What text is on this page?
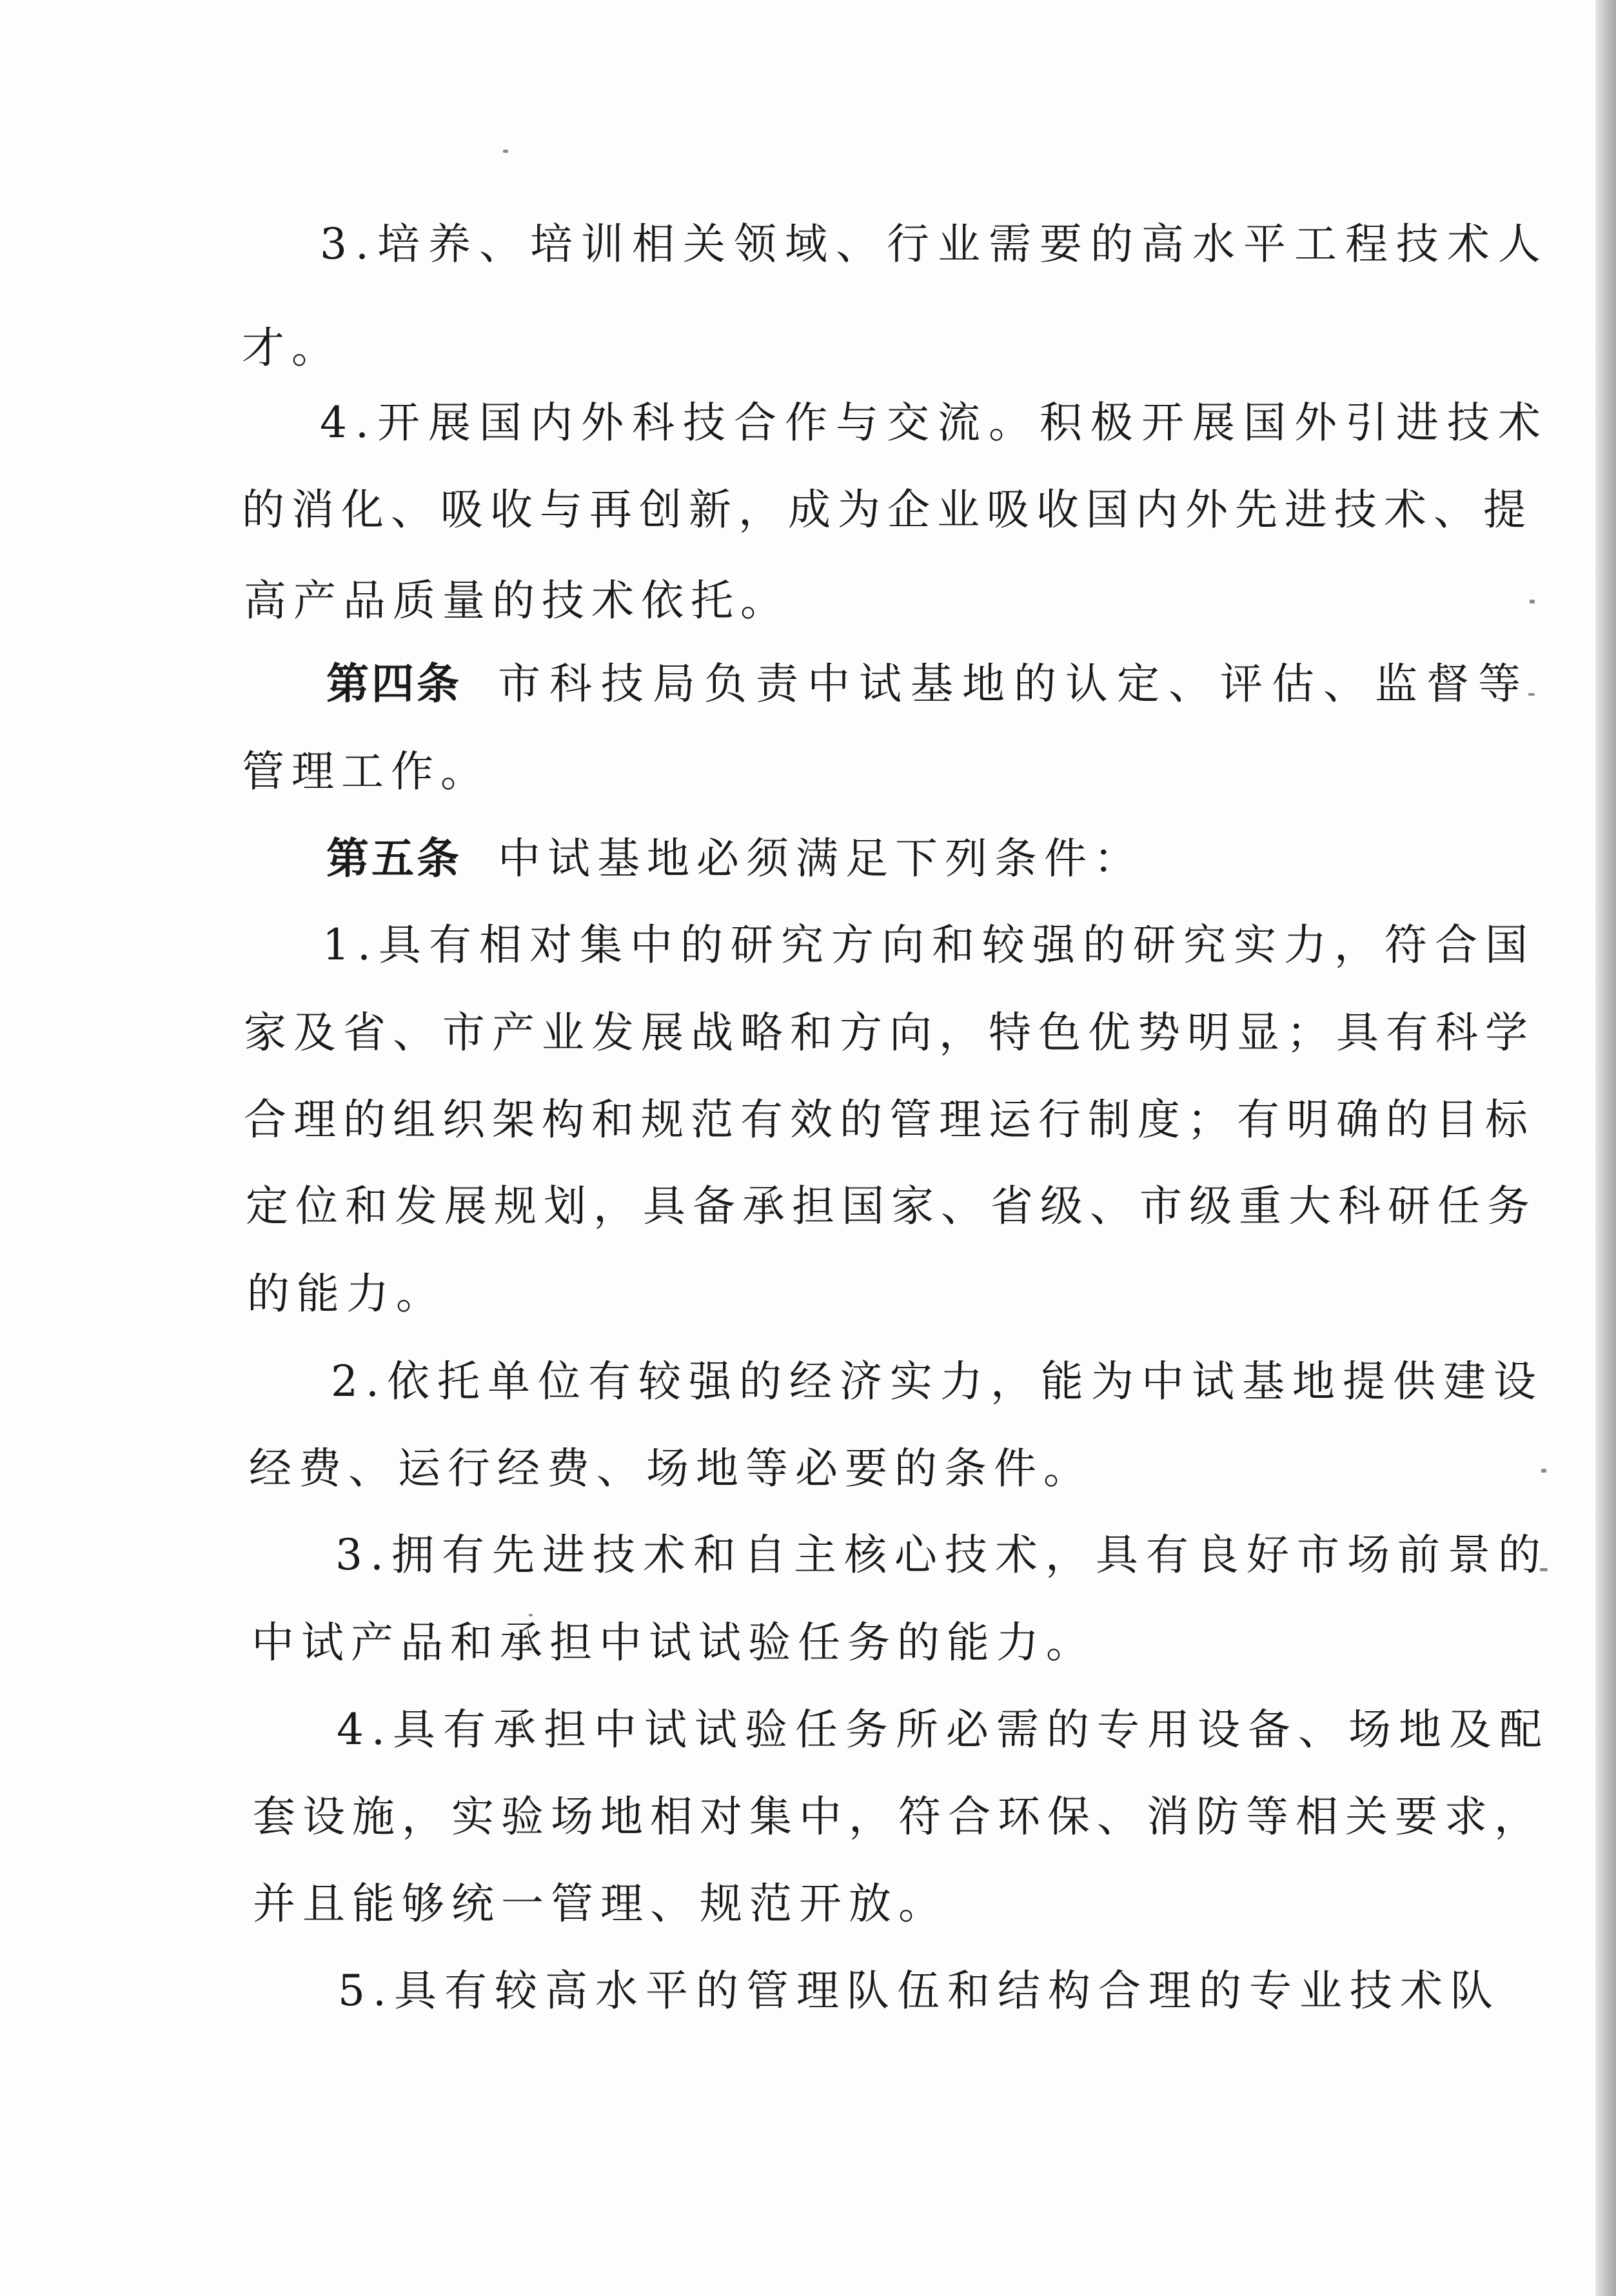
3.培养、培训相关领域、行业需要的高水平工程技术人
才。
4.开展国内外科技合作与交流。积极开展国外引进技术
的消化、吸收与再创新，成为企业吸收国内外先进技术、提
高产品质量的技术依托。
第四条 市科技局负责中试基地的认定、评估、监督等
管理工作。
第五条 中试基地必须满足下列条件：
1.具有相对集中的研究方向和较强的研究实力，符合国
家及省、市产业发展战略和方向，特色优势明显；具有科学
合理的组织架构和规范有效的管理运行制度；有明确的目标
定位和发展规划，具备承担国家、省级、市级重大科研任务
的能力。
2.依托单位有较强的经济实力，能为中试基地提供建设
经费、运行经费、场地等必要的条件。
3.拥有先进技术和自主核心技术，具有良好市场前景的
中试产品和承担中试试验任务的能力。
4.具有承担中试试验任务所必需的专用设备、场地及配
套设施，实验场地相对集中，符合环保、消防等相关要求，
并且能够统一管理、规范开放。
5.具有较高水平的管理队伍和结构合理的专业技术队
